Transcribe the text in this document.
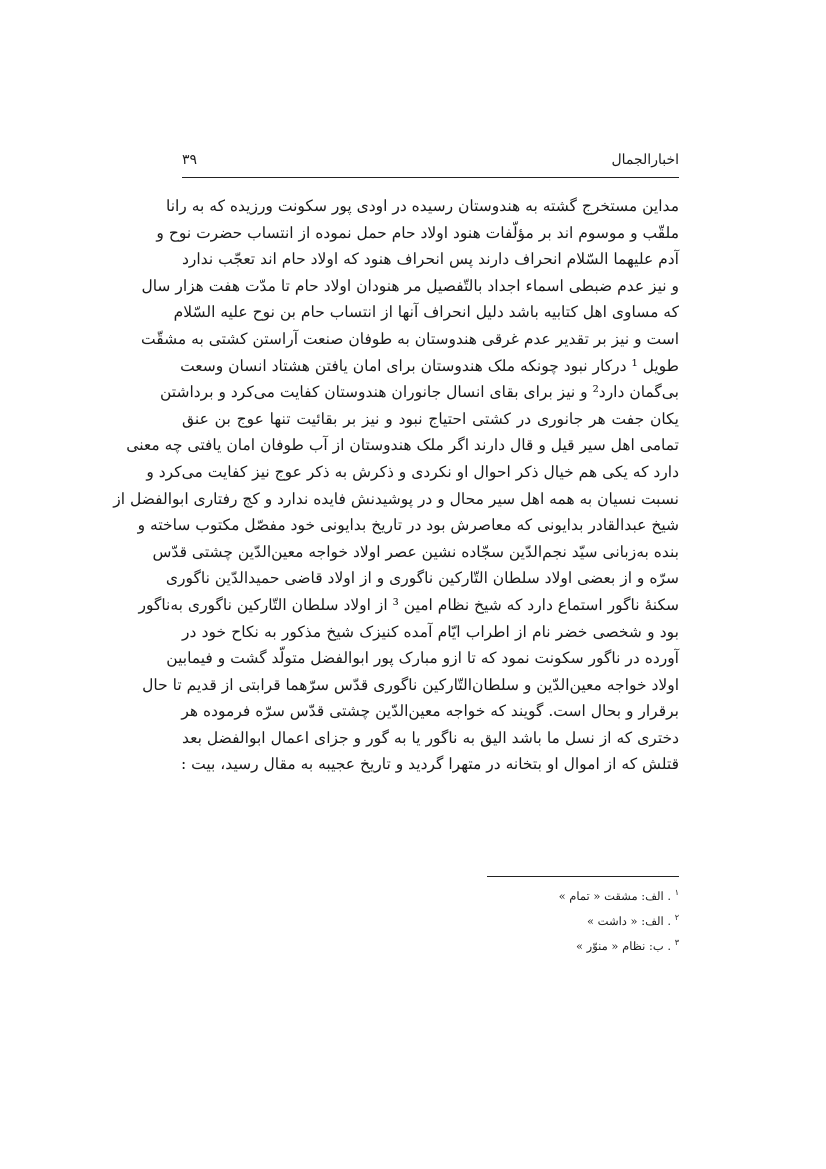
اخبارالجمال
۳۹
مداین مستخرج گشته به هندوستان رسیده در اودی پور سکونت ورزیده که به رانا
ملقّب و موسوم اند بر مؤلّفات هنود اولاد حام حمل نموده از انتساب حضرت نوح و
آدم علیهما السّلام انحراف دارند پس انحراف هنود که اولاد حام اند تعجّب ندارد
و نیز عدم ضبطی اسماء اجداد بالتّفصیل مر هنودان اولاد حام تا مدّت هفت هزار سال
که مساوی اهل کتابیه باشد دلیل انحراف آنها از انتساب حام بن نوح علیه السّلام
است و نیز بر تقدیر عدم غرقی هندوستان به طوفان صنعت آراستن کشتی به مشقّت
طویل ¹ درکار نبود چونکه ملک هندوستان برای امان یافتن هشتاد انسان وسعت
بی‌گمان دارد² و نیز برای بقای انسال جانوران هندوستان کفایت می‌کرد و برداشتن
یکان جفت هر جانوری در کشتی احتیاج نبود و نیز بر بقائیت تنها عوج بن عنق
تمامی اهل سیر قیل و قال دارند اگر ملک هندوستان از آب طوفان امان یافتی چه معنی
دارد که یکی هم خیال ذکر احوال او نکردی و ذکرش به ذکر عوج نیز کفایت می‌کرد و
نسبت نسیان به همه اهل سیر محال و در پوشیدنش فایده ندارد و کج رفتاری ابوالفضل از
شیخ عبدالقادر بدایونی که معاصرش بود در تاریخ بدایونی خود مفصّل مکتوب ساخته و
بنده به‌زبانی سیّد نجم‌الدّین سجّاده نشین عصر اولاد خواجه معین‌الدّین چشتی قدّس
سرّه و از بعضی اولاد سلطان التّارکین ناگوری و از اولاد قاضی حمیدالدّین ناگوری
سکنهٔ ناگور استماع دارد که شیخ نظام امین ³ از اولاد سلطان التّارکین ناگوری به‌ناگور
بود و شخصی خضر نام از اطراب ایّام آمده کنیزک شیخ مذکور به نکاح خود در
آورده در ناگور سکونت نمود که تا ازو مبارک پور ابوالفضل متولّد گشت و فیمابین
اولاد خواجه معین‌الدّین و سلطان‌التّارکین ناگوری قدّس سرّهما قرابتی از قدیم تا حال
برقرار و بحال است. گویند که خواجه معین‌الدّین چشتی قدّس سرّه فرموده هر
دختری که از نسل ما باشد الیق به ناگور یا به گور و جزای اعمال ابوالفضل بعد
قتلش که از اموال او بتخانه در متهرا گردید و تاریخ عجیبه به مقال رسید، بیت :
$^۱$ . الف: مشقت « تمام »
$^۲$ . الف: « داشت »
$^۳$ . ب: نظام « منوّر »
